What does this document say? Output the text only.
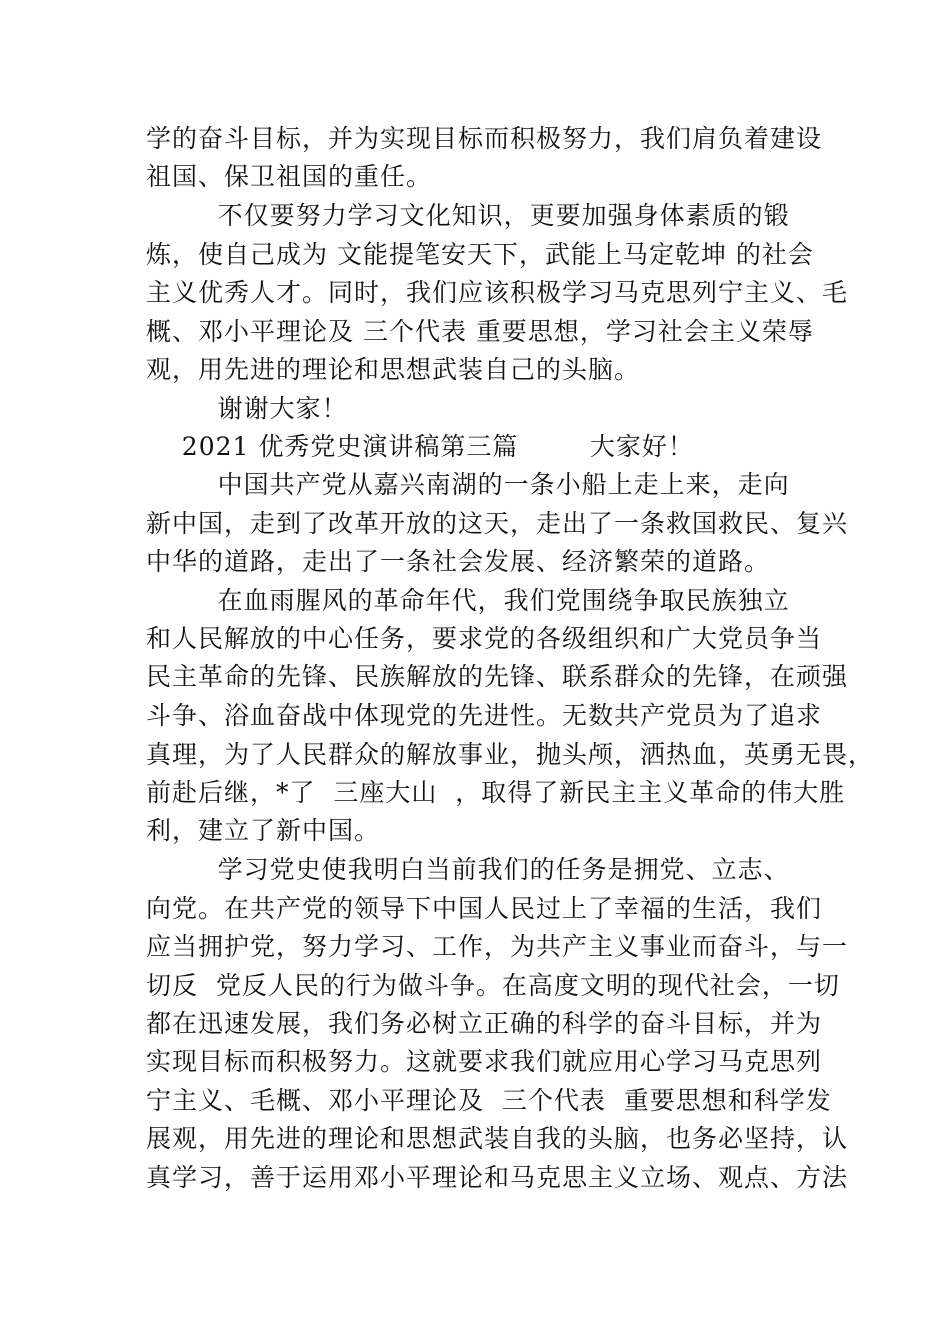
学的奋斗目标，并为实现目标而积极努力，我们肩负着建设
祖国、保卫祖国的重任。
不仅要努力学习文化知识，更要加强身体素质的锻
炼，使自己成为 文能提笔安天下，武能上马定乾坤 的社会
主义优秀人才。同时，我们应该积极学习马克思列宁主义、毛
概、邓小平理论及 三个代表 重要思想，学习社会主义荣辱
观，用先进的理论和思想武装自己的头脑。
谢谢大家！
2021 优秀党史演讲稿第三篇        大家好！
中国共产党从嘉兴南湖的一条小船上走上来，走向
新中国，走到了改革开放的这天，走出了一条救国救民、复兴
中华的道路，走出了一条社会发展、经济繁荣的道路。
在血雨腥风的革命年代，我们党围绕争取民族独立
和人民解放的中心任务，要求党的各级组织和广大党员争当
民主革命的先锋、民族解放的先锋、联系群众的先锋，在顽强
斗争、浴血奋战中体现党的先进性。无数共产党员为了追求
真理，为了人民群众的解放事业，抛头颅，洒热血，英勇无畏，
前赴后继，*了  三座大山  ，取得了新民主主义革命的伟大胜
利，建立了新中国。
学习党史使我明白当前我们的任务是拥党、立志、
向党。在共产党的领导下中国人民过上了幸福的生活，我们
应当拥护党，努力学习、工作，为共产主义事业而奋斗，与一
切反  党反人民的行为做斗争。在高度文明的现代社会，一切
都在迅速发展，我们务必树立正确的科学的奋斗目标，并为
实现目标而积极努力。这就要求我们就应用心学习马克思列
宁主义、毛概、邓小平理论及  三个代表  重要思想和科学发
展观，用先进的理论和思想武装自我的头脑，也务必坚持，认
真学习，善于运用邓小平理论和马克思主义立场、观点、方法
